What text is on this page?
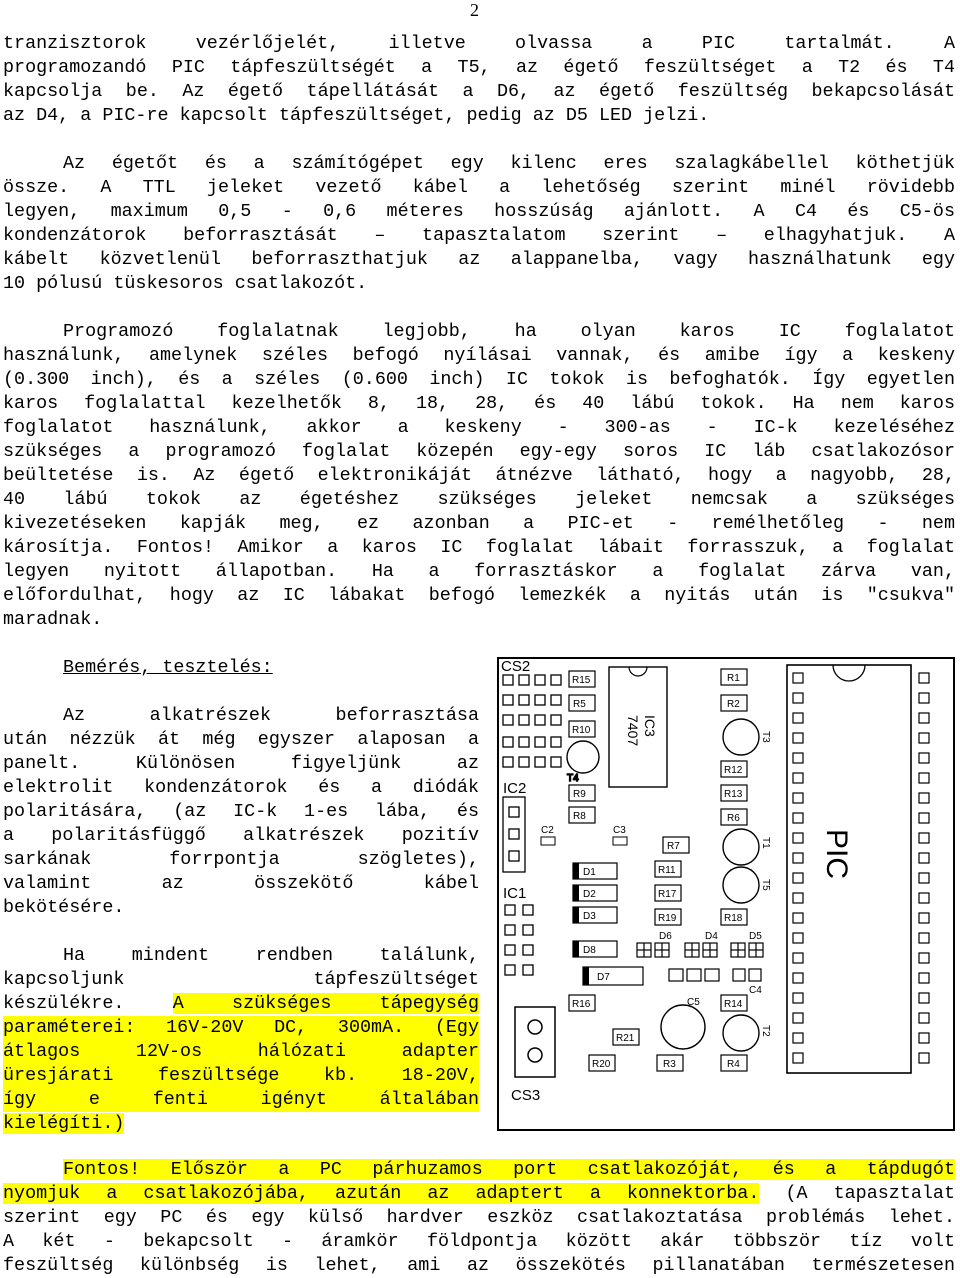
2
tranzisztorok vezérlőjelét, illetve olvassa a PIC tartalmát. A
programozandó PIC tápfeszültségét a T5, az égető feszültséget a T2 és T4
kapcsolja be. Az égető tápellátását a D6, az égető feszültség bekapcsolását
az D4, a PIC-re kapcsolt tápfeszültséget, pedig az D5 LED jelzi.
Az égetőt és a számítógépet egy kilenc eres szalagkábellel köthetjük
össze. A TTL jeleket vezető kábel a lehetőség szerint minél rövidebb
legyen, maximum 0,5 - 0,6 méteres hosszúság ajánlott. A C4 és C5-ös
kondenzátorok beforrasztását – tapasztalatom szerint – elhagyhatjuk. A
kábelt közvetlenül beforraszthatjuk az alappanelba, vagy használhatunk egy
10 pólusú tüskesoros csatlakozót.
Programozó foglalatnak legjobb, ha olyan karos IC foglalatot
használunk, amelynek széles befogó nyílásai vannak, és amibe így a keskeny
(0.300 inch), és a széles (0.600 inch) IC tokok is befoghatók. Így egyetlen
karos foglalattal kezelhetők 8, 18, 28, és 40 lábú tokok. Ha nem karos
foglalatot használunk, akkor a keskeny - 300-as - IC-k kezeléséhez
szükséges a programozó foglalat közepén egy-egy soros IC láb csatlakozósor
beültetése is. Az égető elektronikáját átnézve látható, hogy a nagyobb, 28,
40 lábú tokok az égetéshez szükséges jeleket nemcsak a szükséges
kivezetéseken kapják meg, ez azonban a PIC-et - remélhetőleg - nem
károsítja. Fontos! Amikor a karos IC foglalat lábait forrasszuk, a foglalat
legyen nyitott állapotban. Ha a forrasztáskor a foglalat zárva van,
előfordulhat, hogy az IC lábakat befogó lemezkék a nyitás után is "csukva"
maradnak.
Bemérés, tesztelés:
Az alkatrészek beforrasztása
után nézzük át még egyszer alaposan a
panelt. Különösen figyeljünk az
elektrolit kondenzátorok és a diódák
polaritására, (az IC-k 1-es lába, és
a polaritásfüggő alkatrészek pozitív
sarkának forrpontja szögletes),
valamint az összekötő kábel
bekötésére.
Ha mindent rendben találunk,
kapcsoljunk tápfeszültséget
készülékre.	A szükséges tápegység
paraméterei: 16V-20V DC, 300mA. (Egy
átlagos 12V-os hálózati adapter
üresjárati feszültsége kb. 18-20V,
így e fenti igényt általában
kielégíti.)
Fontos! Először a PC párhuzamos port csatlakozóját, és a tápdugót
nyomjuk a csatlakozójába, azután az adaptert a konnektorba. (A tapasztalat
szerint egy PC és egy külső hardver eszköz csatlakoztatása problémás lehet.
A két - bekapcsolt - áramkör földpontja között akár többször tíz volt
feszültség különbség is lehet, ami az összekötés pillanatában természetesen
CS2
IC2
IC1
CS3
R15
R5
R10
R9
R8
T4
IC3
7407
C2	C3
D1
D2
D3
D8
D7
R7
R11
R17
R19
R1
R2
R12
R13
R6
R18
R14
R4
R16
R21
R20	R3
D6	D4	D5
C5
C4
T3
T1
T5
T2
PIC
